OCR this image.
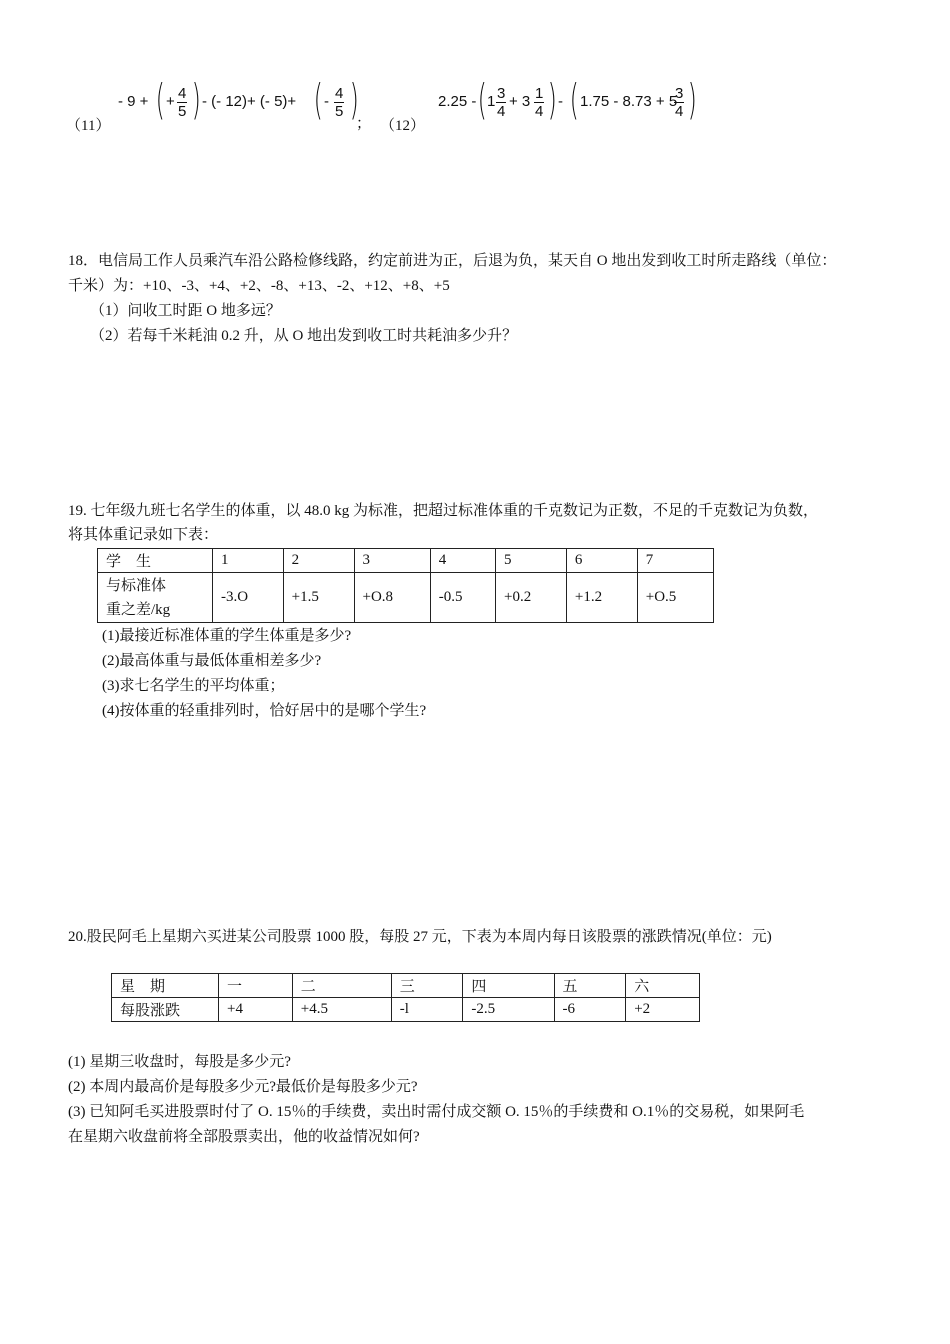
（11）
- 9 + ( + $\frac{4}{5}$ ) - (- 12)+ (- 5)+ ( - $\frac{4}{5}$ )
； （12）
2.25 - ( $1 \frac{3}{4} + 3 \frac{1}{4}$ ) - ( 1.75 - 8.73 + 5
$\frac{3}{4}$ )
18．电信局工作人员乘汽车沿公路检修线路，约定前进为正，后退为负，某天自 O 地出发到收工时所走路线（单位：
千米）为：+10、-3、+4、+2、-8、+13、-2、+12、+8、+5
（1）问收工时距 O 地多远？
（2）若每千米耗油 0.2 升，从 O 地出发到收工时共耗油多少升？
19. 七年级九班七名学生的体重，以 48.0 kg 为标准，把超过标准体重的千克数记为正数，不足的千克数记为负数，
将其体重记录如下表：
学　生	1	2	3	4	5	6	7

与标准体
重之差/kg	-3.O	+1.5	+O.8	-0.5	+0.2	+1.2	+O.5
(1)最接近标准体重的学生体重是多少?
(2)最高体重与最低体重相差多少?
(3)求七名学生的平均体重；
(4)按体重的轻重排列时，恰好居中的是哪个学生?
20.股民阿毛上星期六买进某公司股票 1000 股，每股 27 元，下表为本周内每日该股票的涨跌情况(单位：元)
星　期	一	二	三	四	五	六
每股涨跌	+4	+4.5	-l	-2.5	-6	+2
(1) 星期三收盘时，每股是多少元?
(2) 本周内最高价是每股多少元?最低价是每股多少元?
(3) 已知阿毛买进股票时付了 O. 15％的手续费，卖出时需付成交额 O. 15％的手续费和 O.1％的交易税，如果阿毛
在星期六收盘前将全部股票卖出，他的收益情况如何?
